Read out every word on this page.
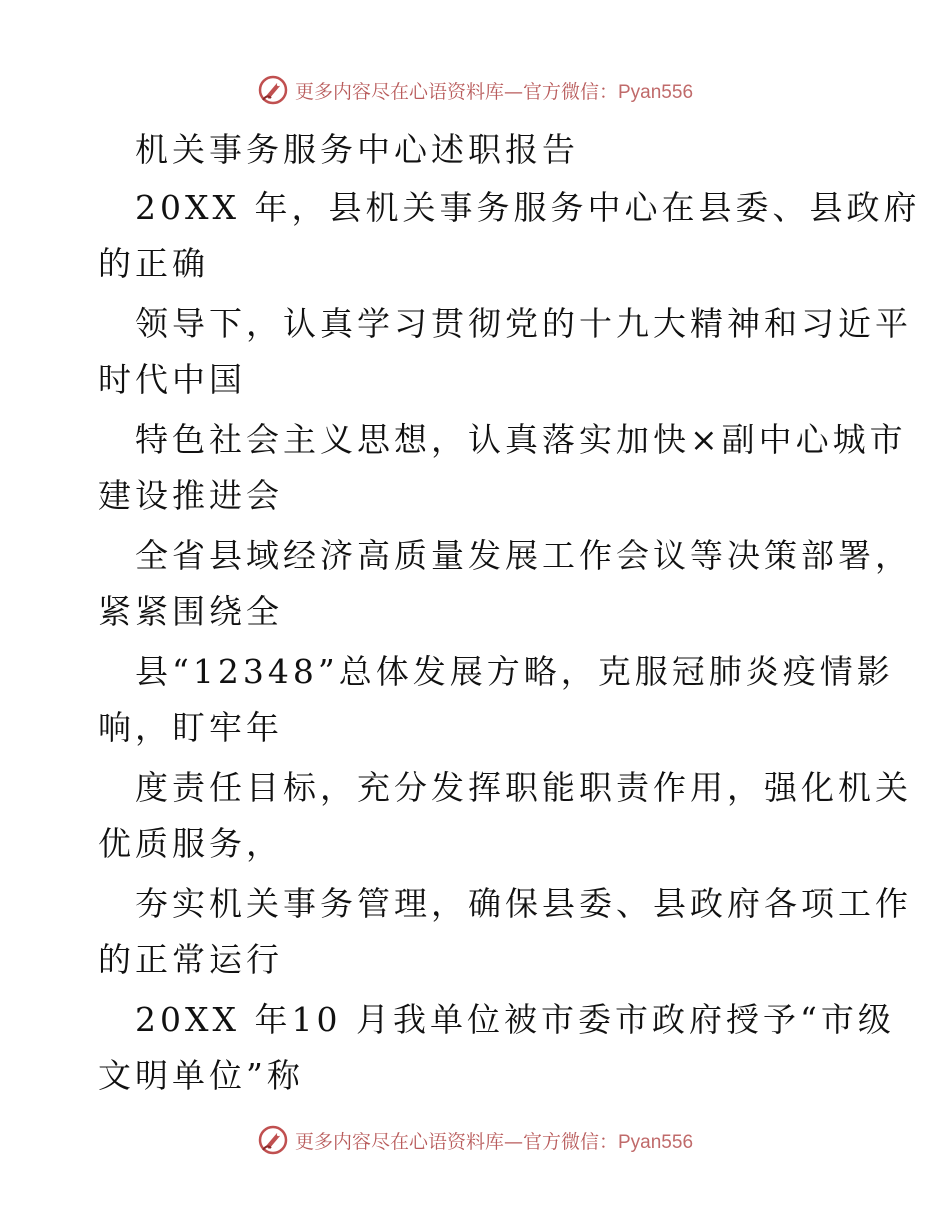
更多内容尽在心语资料库—官方微信：Pyan556
机关事务服务中心述职报告
20XX 年，县机关事务服务中心在县委、县政府
的正确
领导下，认真学习贯彻党的十九大精神和习近平
时代中国
特色社会主义思想，认真落实加快×副中心城市
建设推进会
全省县域经济高质量发展工作会议等决策部署，
紧紧围绕全
县“12348”总体发展方略，克服冠肺炎疫情影
响，盯牢年
度责任目标，充分发挥职能职责作用，强化机关
优质服务，
夯实机关事务管理，确保县委、县政府各项工作
的正常运行
20XX 年10 月我单位被市委市政府授予“市级
文明单位”称
更多内容尽在心语资料库—官方微信：Pyan556
